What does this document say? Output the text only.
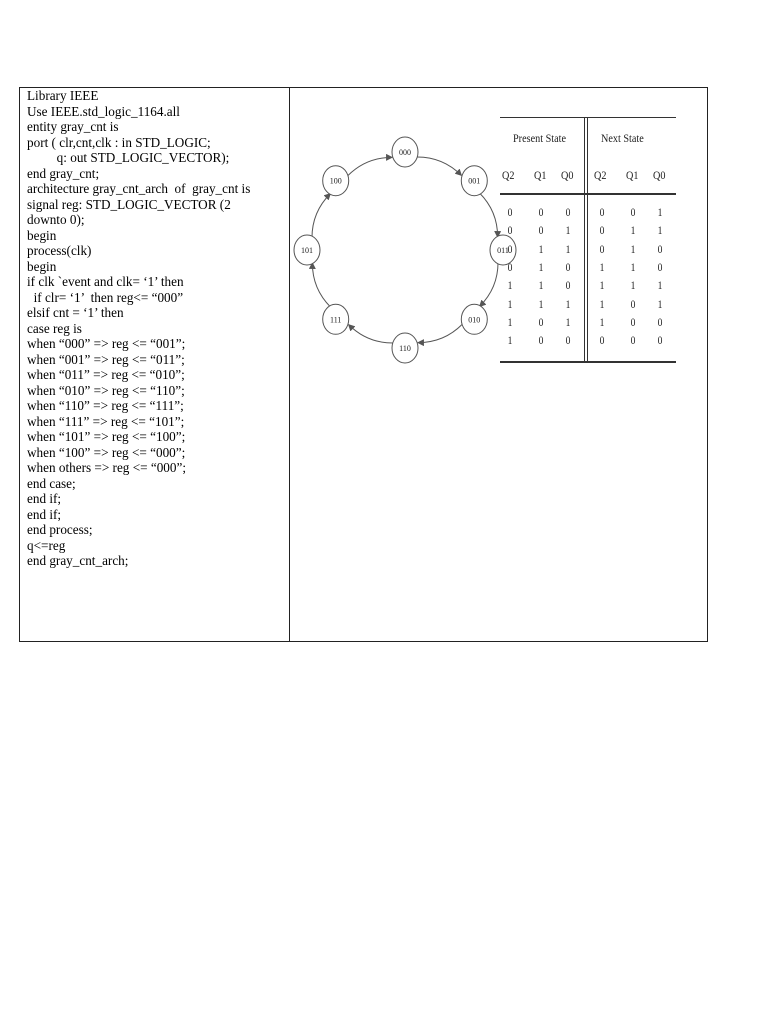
Library IEEE
Use IEEE.std_logic_1164.all
entity gray_cnt is
port ( clr,cnt,clk : in STD_LOGIC;
q: out STD_LOGIC_VECTOR);
end gray_cnt;
architecture gray_cnt_arch  of  gray_cnt is
signal reg: STD_LOGIC_VECTOR (2
downto 0);
begin
process(clk)
begin
if clk `event and clk= ‘1’ then
if clr= ‘1’  then reg<= “000”
elsif cnt = ‘1’ then
case reg is
when “000” => reg <= “001”;
when “001” => reg <= “011”;
when “011” => reg <= “010”;
when “010” => reg <= “110”;
when “110” => reg <= “111”;
when “111” => reg <= “101”;
when “101” => reg <= “100”;
when “100” => reg <= “000”;
when others => reg <= “000”;
end case;
end if;
end if;
end process;
q<=reg
end gray_cnt_arch;
000
001
011
010
110
111
101
100
Present State	Next State
Q2 Q1 Q0 Q2 Q1 Q0
0	0	0	0	0	1
0	0	1	0	1	1
0	1	1	0	1	0
0	1	0	1	1	0
1	1	0	1	1	1
1	1	1	1	0	1
1	0	1	1	0	0
1	0	0	0	0	0
